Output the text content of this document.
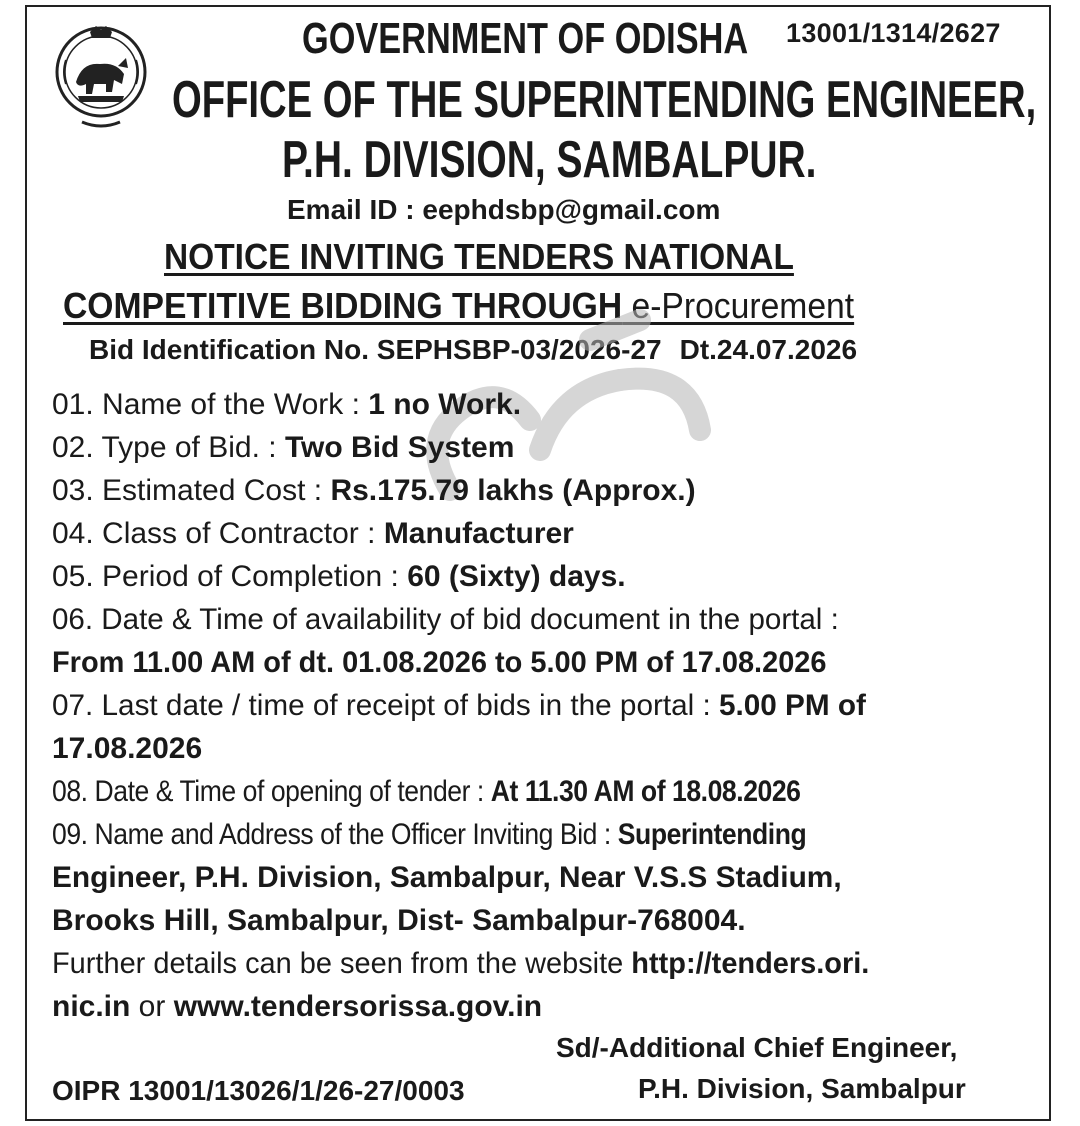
13001/1314/2627
GOVERNMENT OF ODISHA
OFFICE OF THE SUPERINTENDING ENGINEER,
P.H. DIVISION, SAMBALPUR.
Email ID : eephdsbp@gmail.com
NOTICE INVITING TENDERS NATIONAL
COMPETITIVE BIDDING THROUGH e-Procurement
Bid Identification No. SEPHSBP-03/2026-27 Dt.24.07.2026
01. Name of the Work : 1 no Work.
02. Type of Bid. : Two Bid System
03. Estimated Cost : Rs.175.79 lakhs (Approx.)
04. Class of Contractor : Manufacturer
05. Period of Completion : 60 (Sixty) days.
06. Date & Time of availability of bid document in the portal :
From 11.00 AM of dt. 01.08.2026 to 5.00 PM of 17.08.2026
07. Last date / time of receipt of bids in the portal : 5.00 PM of
17.08.2026
08. Date & Time of opening of tender : At 11.30 AM of 18.08.2026
09. Name and Address of the Officer Inviting Bid : Superintending
Engineer, P.H. Division, Sambalpur, Near V.S.S Stadium,
Brooks Hill, Sambalpur, Dist- Sambalpur-768004.
Further details can be seen from the website http://tenders.ori.
nic.in or www.tendersorissa.gov.in
Sd/-Additional Chief Engineer,
P.H. Division, Sambalpur
OIPR 13001/13026/1/26-27/0003
